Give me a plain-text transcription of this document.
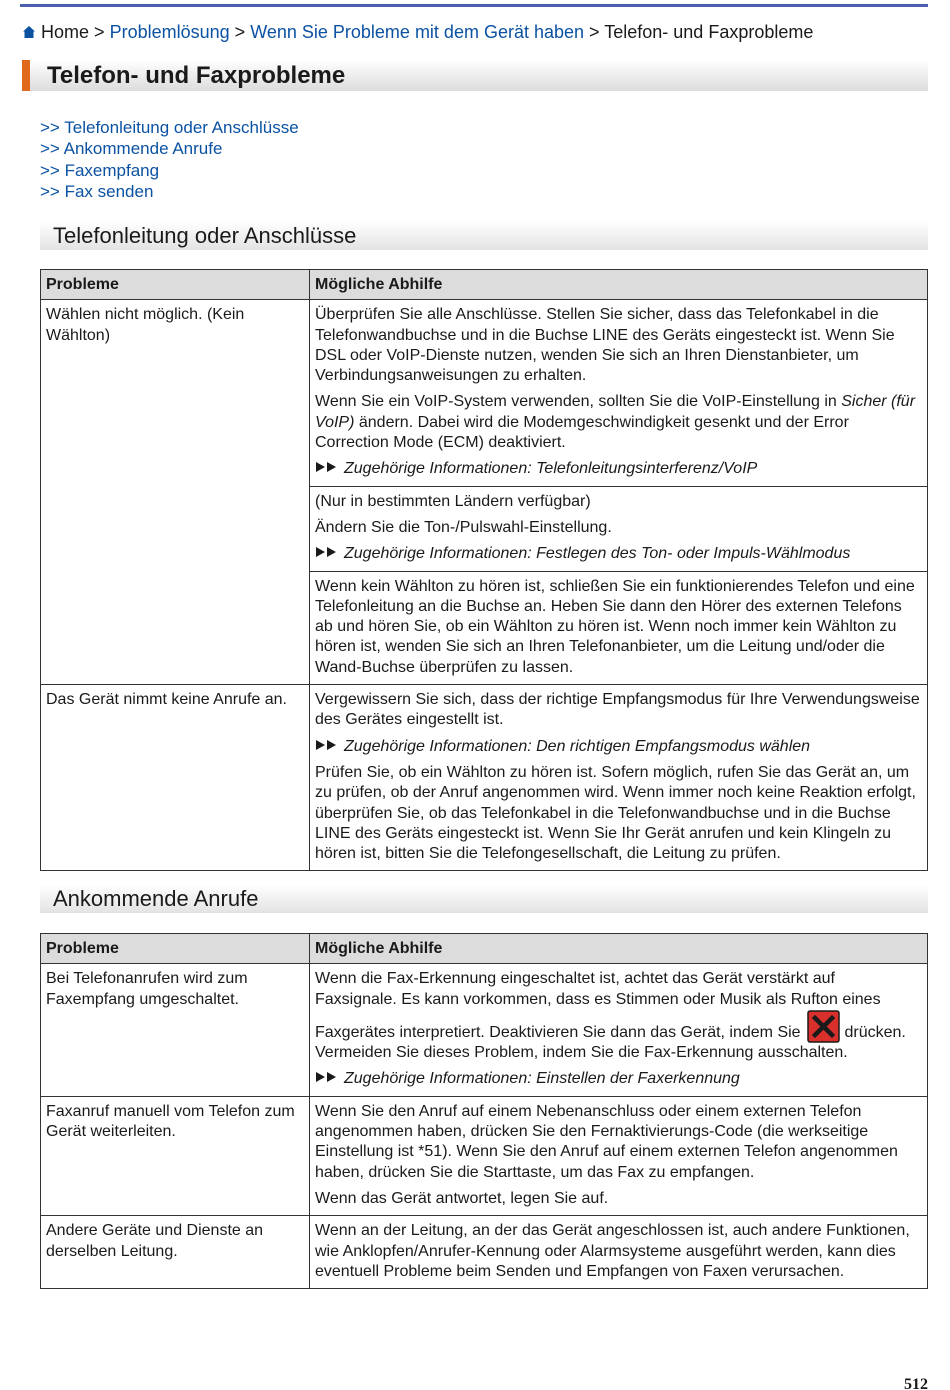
Home > Problemlösung > Wenn Sie Probleme mit dem Gerät haben > Telefon- und Faxprobleme
Telefon- und Faxprobleme
>> Telefonleitung oder Anschlüsse
>> Ankommende Anrufe
>> Faxempfang
>> Fax senden
Telefonleitung oder Anschlüsse
Probleme	Mögliche Abhilfe
Wählen nicht möglich. (Kein Wählton)	Überprüfen Sie alle Anschlüsse. Stellen Sie sicher, dass das Telefonkabel in die Telefonwandbuchse und in die Buchse LINE des Geräts eingesteckt ist. Wenn Sie DSL oder VoIP-Dienste nutzen, wenden Sie sich an Ihren Dienstanbieter, um Verbindungsanweisungen zu erhalten.

Wenn Sie ein VoIP-System verwenden, sollten Sie die VoIP-Einstellung in Sicher (für VoIP) ändern. Dabei wird die Modemgeschwindigkeit gesenkt und der Error Correction Mode (ECM) deaktiviert.

Zugehörige Informationen: Telefonleitungsinterferenz/VoIP

	(Nur in bestimmten Ländern verfügbar)

Ändern Sie die Ton-/Pulswahl-Einstellung.

Zugehörige Informationen: Festlegen des Ton- oder Impuls-Wählmodus

	Wenn kein Wählton zu hören ist, schließen Sie ein funktionierendes Telefon und eine Telefonleitung an die Buchse an. Heben Sie dann den Hörer des externen Telefons ab und hören Sie, ob ein Wählton zu hören ist. Wenn noch immer kein Wählton zu hören ist, wenden Sie sich an Ihren Telefonanbieter, um die Leitung und/oder die Wand-Buchse überprüfen zu lassen.

Das Gerät nimmt keine Anrufe an.	Vergewissern Sie sich, dass der richtige Empfangsmodus für Ihre Verwendungsweise des Gerätes eingestellt ist.

Zugehörige Informationen: Den richtigen Empfangsmodus wählen

Prüfen Sie, ob ein Wählton zu hören ist. Sofern möglich, rufen Sie das Gerät an, um zu prüfen, ob der Anruf angenommen wird. Wenn immer noch keine Reaktion erfolgt, überprüfen Sie, ob das Telefonkabel in die Telefonwandbuchse und in die Buchse LINE des Geräts eingesteckt ist. Wenn Sie Ihr Gerät anrufen und kein Klingeln zu hören ist, bitten Sie die Telefongesellschaft, die Leitung zu prüfen.

Ankommende Anrufe
Probleme	Mögliche Abhilfe
Bei Telefonanrufen wird zum Faxempfang umgeschaltet.	Wenn die Fax-Erkennung eingeschaltet ist, achtet das Gerät verstärkt auf Faxsignale. Es kann vorkommen, dass es Stimmen oder Musik als Rufton eines Faxgerätes interpretiert. Deaktivieren Sie dann das Gerät, indem Sie  drücken. Vermeiden Sie dieses Problem, indem Sie die Fax-Erkennung ausschalten.

Zugehörige Informationen: Einstellen der Faxerkennung

Faxanruf manuell vom Telefon zum Gerät weiterleiten.	Wenn Sie den Anruf auf einem Nebenanschluss oder einem externen Telefon angenommen haben, drücken Sie den Fernaktivierungs-Code (die werkseitige Einstellung ist *51). Wenn Sie den Anruf auf einem externen Telefon angenommen haben, drücken Sie die Starttaste, um das Fax zu empfangen.

Wenn das Gerät antwortet, legen Sie auf.

Andere Geräte und Dienste an derselben Leitung.	Wenn an der Leitung, an der das Gerät angeschlossen ist, auch andere Funktionen, wie Anklopfen/Anrufer-Kennung oder Alarmsysteme ausgeführt werden, kann dies eventuell Probleme beim Senden und Empfangen von Faxen verursachen.

512
